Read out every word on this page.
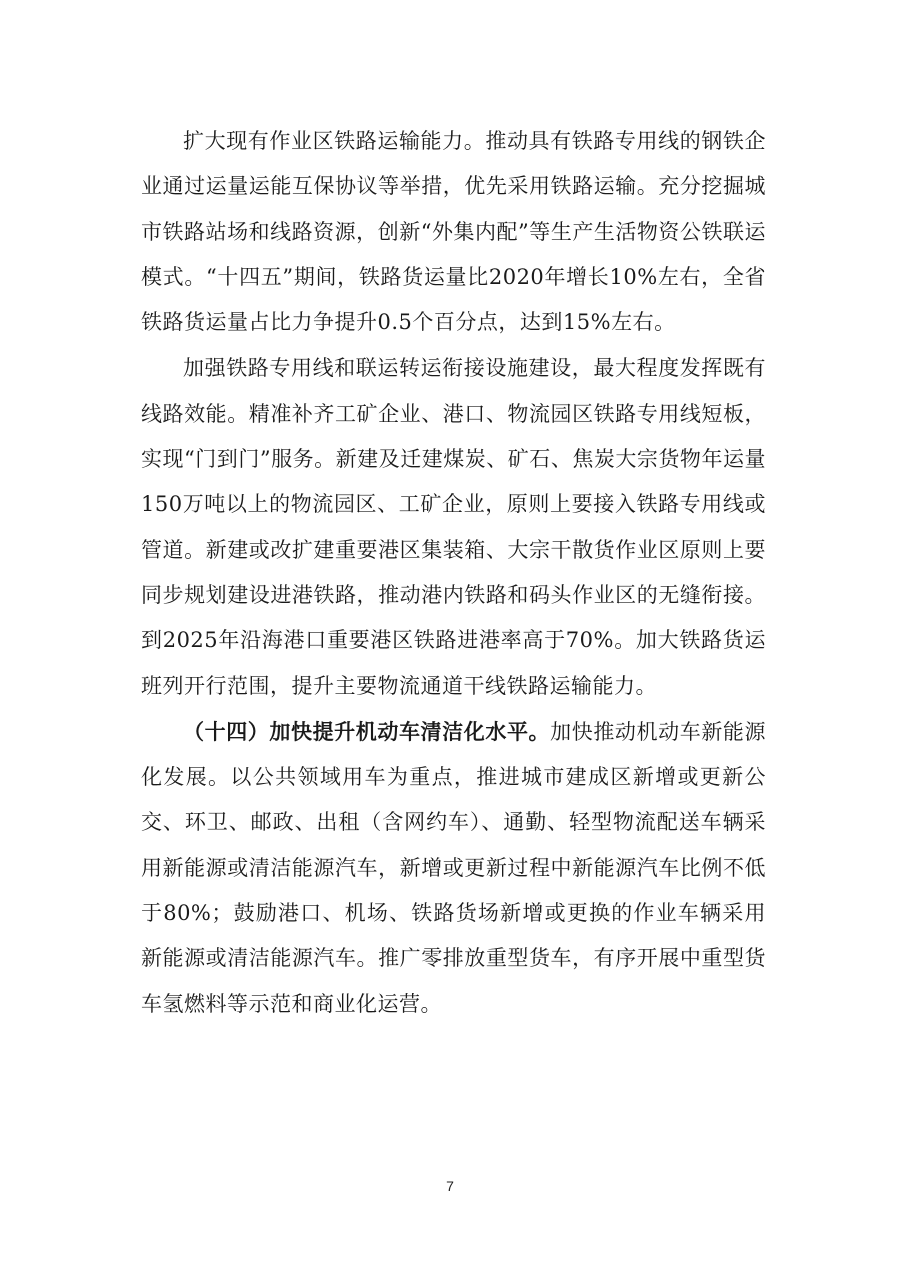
扩大现有作业区铁路运输能力。推动具有铁路专用线的钢铁企业通过运量运能互保协议等举措，优先采用铁路运输。充分挖掘城市铁路站场和线路资源，创新“外集内配”等生产生活物资公铁联运模式。“十四五”期间，铁路货运量比2020年增长10%左右，全省铁路货运量占比力争提升0.5个百分点，达到15%左右。

加强铁路专用线和联运转运衔接设施建设，最大程度发挥既有线路效能。精准补齐工矿企业、港口、物流园区铁路专用线短板，实现“门到门”服务。新建及迁建煤炭、矿石、焦炭大宗货物年运量150万吨以上的物流园区、工矿企业，原则上要接入铁路专用线或管道。新建或改扩建重要港区集装箱、大宗干散货作业区原则上要同步规划建设进港铁路，推动港内铁路和码头作业区的无缝衔接。到2025年沿海港口重要港区铁路进港率高于70%。加大铁路货运班列开行范围，提升主要物流通道干线铁路运输能力。

（十四）加快提升机动车清洁化水平。加快推动机动车新能源化发展。以公共领域用车为重点，推进城市建成区新增或更新公交、环卫、邮政、出租（含网约车）、通勤、轻型物流配送车辆采用新能源或清洁能源汽车，新增或更新过程中新能源汽车比例不低于80%；鼓励港口、机场、铁路货场新增或更换的作业车辆采用新能源或清洁能源汽车。推广零排放重型货车，有序开展中重型货车氢燃料等示范和商业化运营。

7
